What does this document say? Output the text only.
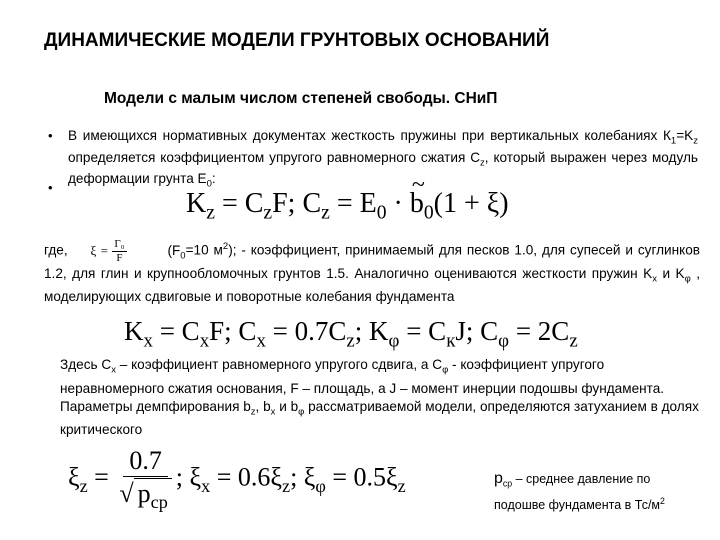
ДИНАМИЧЕСКИЕ МОДЕЛИ ГРУНТОВЫХ ОСНОВАНИЙ
Модели с малым числом степеней свободы. СНиП
•
•
В имеющихся нормативных документах жесткость пружины при вертикальных колебаниях $К_1=K_z$ определяется коэффициентом упругого равномерного сжатия $C_z$, который выражен через модуль деформации грунта $E_0$:
$K_z = C_zF$; $C_z = E_0$ · ~ $b_0(1 + \xi)$
где, $\xi = \frac{\text{Γ₀}}{F}$	($F_0=10$ $м^2$); - коэффициент, принимаемый для песков 1.0, для супесей и суглинков 1.2, для глин и крупнообломочных грунтов 1.5. Аналогично оцениваются жесткости пружин $K_x$ и $K_\varphi$ , моделирующих сдвиговые и поворотные колебания фундамента
$K_x = C_xF$; $C_x = 0.7C_z$; $K_\varphi = C_кJ$; $C_\varphi = 2C_z$
Здесь $C_x$ – коэффициент равномерного упругого сдвига, а $C_\varphi$ - коэффициент упругого неравномерного сжатия основания, F – площадь, а J – момент инерции подошвы фундамента. Параметры демпфирования $b_z$, $b_x$ и $b_\varphi$ рассматриваемой модели, определяются затуханием в долях критического
$\xi_z = \frac{0.7}{√ p_{ср}}$ ; $\xi_x = 0.6\xi_z$; $\xi_\varphi = 0.5\xi_z$	$p_{ср}$ – среднее давление по подошве фундамента в $Тс/м^2$
